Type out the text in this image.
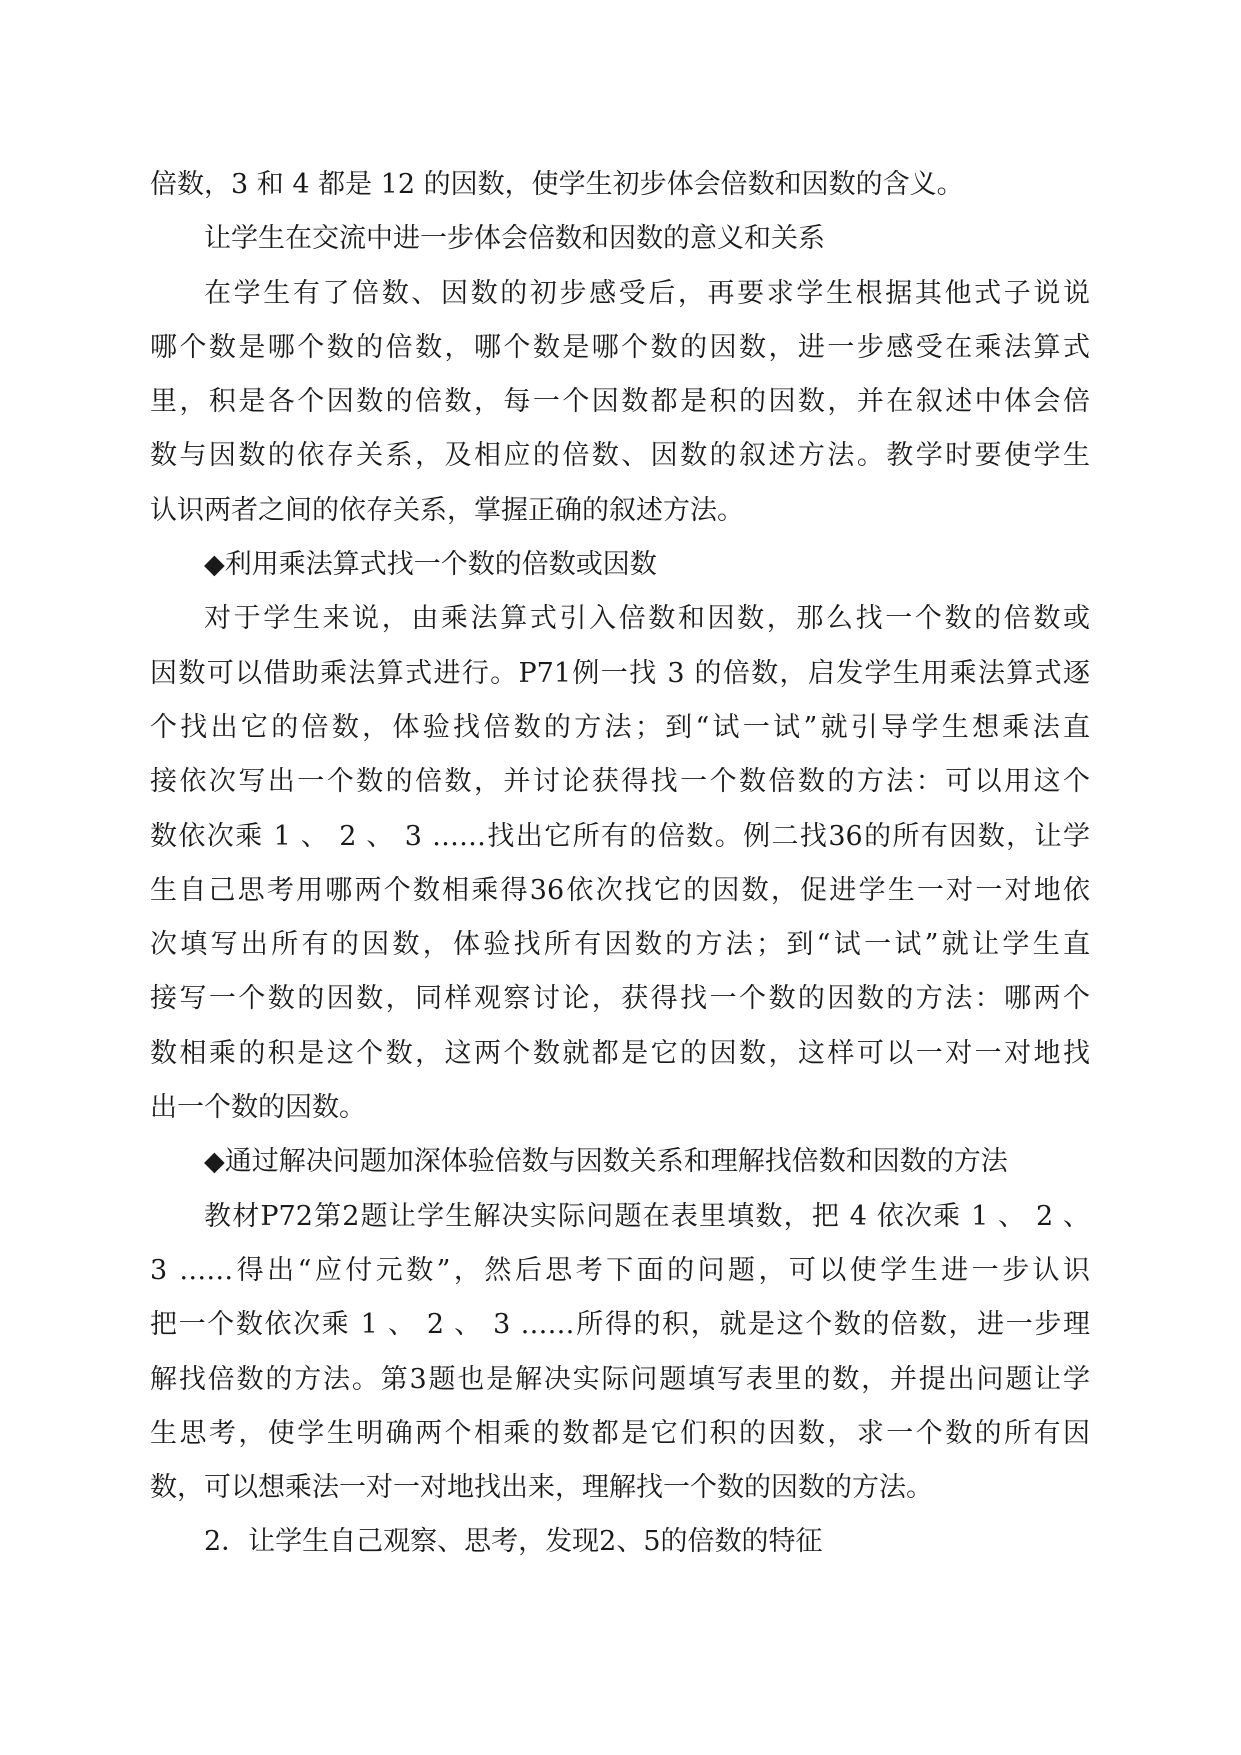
倍数，3 和 4 都是 12 的因数，使学生初步体会倍数和因数的含义。
让学生在交流中进一步体会倍数和因数的意义和关系
在学生有了倍数、因数的初步感受后，再要求学生根据其他式子说说
哪个数是哪个数的倍数，哪个数是哪个数的因数，进一步感受在乘法算式
里，积是各个因数的倍数，每一个因数都是积的因数，并在叙述中体会倍
数与因数的依存关系，及相应的倍数、因数的叙述方法。教学时要使学生
认识两者之间的依存关系，掌握正确的叙述方法。
◆利用乘法算式找一个数的倍数或因数
对于学生来说，由乘法算式引入倍数和因数，那么找一个数的倍数或
因数可以借助乘法算式进行。P71例一找 3 的倍数，启发学生用乘法算式逐
个找出它的倍数，体验找倍数的方法；到“试一试”就引导学生想乘法直
接依次写出一个数的倍数，并讨论获得找一个数倍数的方法：可以用这个
数依次乘 1 、 2 、 3 ……找出它所有的倍数。例二找36的所有因数，让学
生自己思考用哪两个数相乘得36依次找它的因数，促进学生一对一对地依
次填写出所有的因数，体验找所有因数的方法；到“试一试”就让学生直
接写一个数的因数，同样观察讨论，获得找一个数的因数的方法：哪两个
数相乘的积是这个数，这两个数就都是它的因数，这样可以一对一对地找
出一个数的因数。
◆通过解决问题加深体验倍数与因数关系和理解找倍数和因数的方法
教材P72第2题让学生解决实际问题在表里填数，把 4 依次乘 1 、 2 、
3 ……得出“应付元数”，然后思考下面的问题，可以使学生进一步认识
把一个数依次乘 1 、 2 、 3 ……所得的积，就是这个数的倍数，进一步理
解找倍数的方法。第3题也是解决实际问题填写表里的数，并提出问题让学
生思考，使学生明确两个相乘的数都是它们积的因数，求一个数的所有因
数，可以想乘法一对一对地找出来，理解找一个数的因数的方法。
2．让学生自己观察、思考，发现2、5的倍数的特征
